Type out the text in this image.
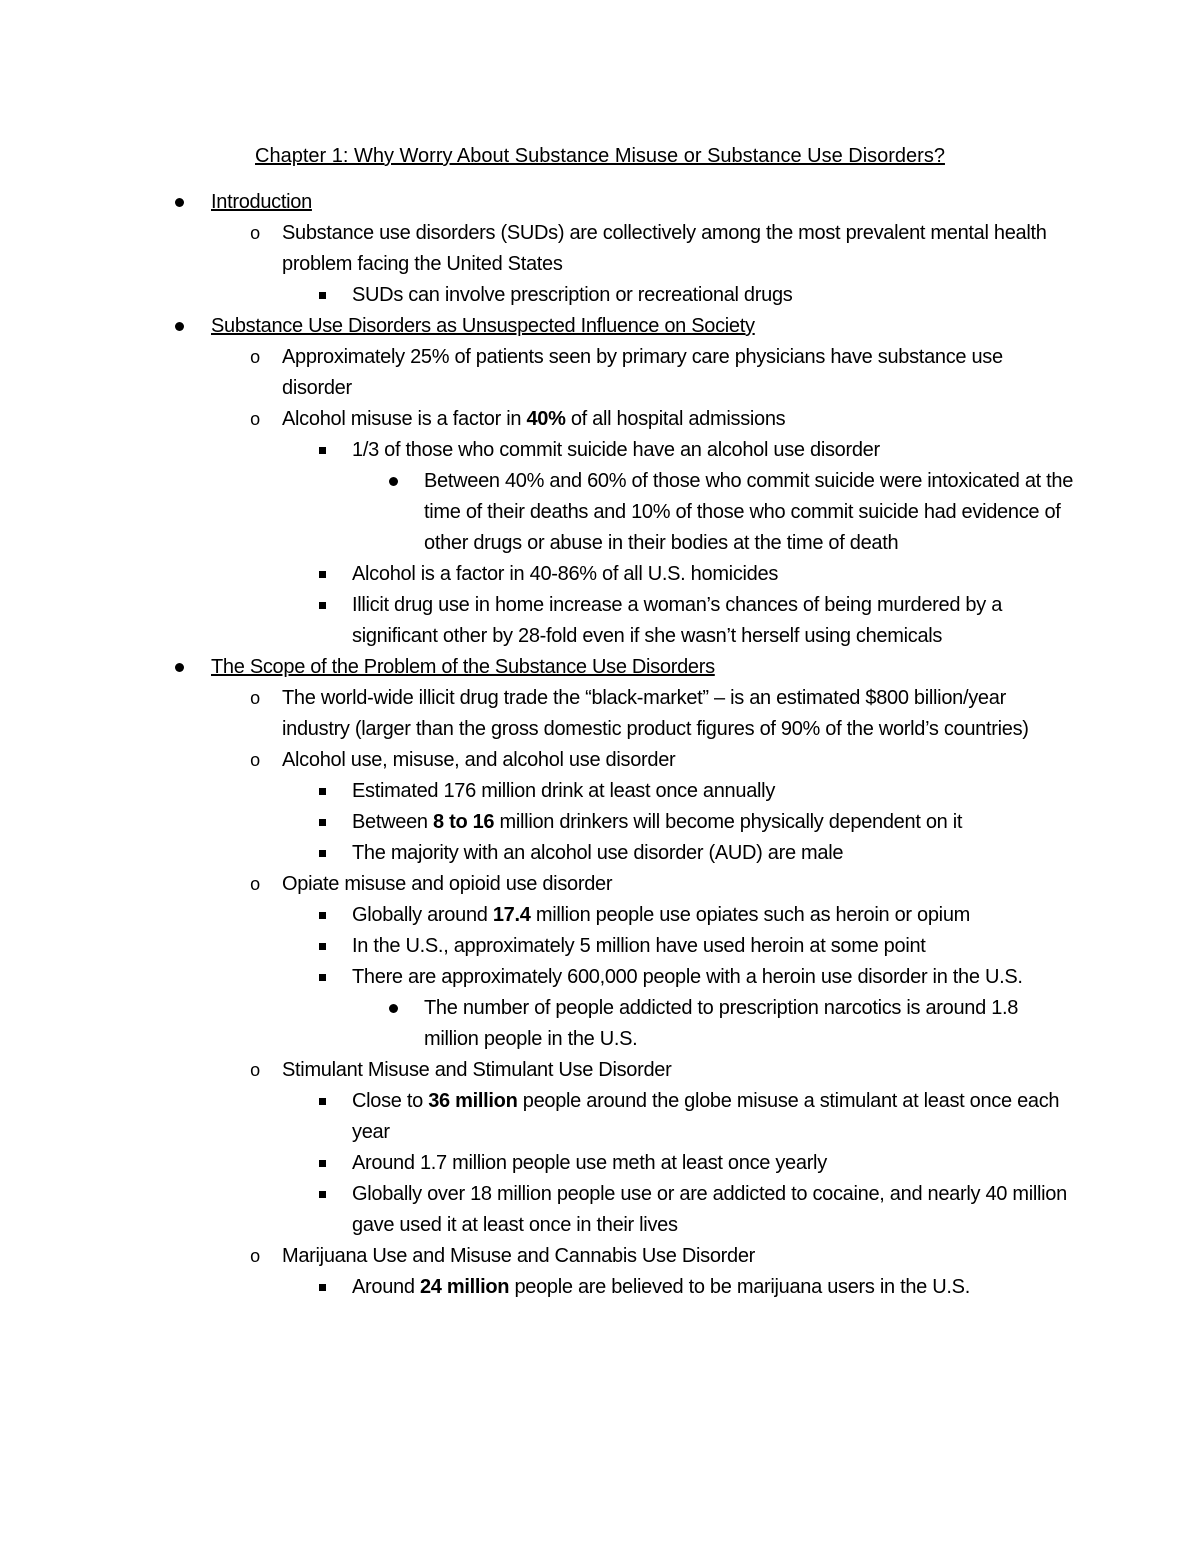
Chapter 1: Why Worry About Substance Misuse or Substance Use Disorders?
Introduction
o Substance use disorders (SUDs) are collectively among the most prevalent mental health problem facing the United States
SUDs can involve prescription or recreational drugs
Substance Use Disorders as Unsuspected Influence on Society
o Approximately 25% of patients seen by primary care physicians have substance use disorder
o Alcohol misuse is a factor in 40% of all hospital admissions
1/3 of those who commit suicide have an alcohol use disorder
Between 40% and 60% of those who commit suicide were intoxicated at the time of their deaths and 10% of those who commit suicide had evidence of other drugs or abuse in their bodies at the time of death
Alcohol is a factor in 40-86% of all U.S. homicides
Illicit drug use in home increase a woman’s chances of being murdered by a significant other by 28-fold even if she wasn’t herself using chemicals
The Scope of the Problem of the Substance Use Disorders
o The world-wide illicit drug trade the “black-market” – is an estimated $800 billion/year industry (larger than the gross domestic product figures of 90% of the world’s countries)
o Alcohol use, misuse, and alcohol use disorder
Estimated 176 million drink at least once annually
Between 8 to 16 million drinkers will become physically dependent on it
The majority with an alcohol use disorder (AUD) are male
o Opiate misuse and opioid use disorder
Globally around 17.4 million people use opiates such as heroin or opium
In the U.S., approximately 5 million have used heroin at some point
There are approximately 600,000 people with a heroin use disorder in the U.S.
The number of people addicted to prescription narcotics is around 1.8 million people in the U.S.
o Stimulant Misuse and Stimulant Use Disorder
Close to 36 million people around the globe misuse a stimulant at least once each year
Around 1.7 million people use meth at least once yearly
Globally over 18 million people use or are addicted to cocaine, and nearly 40 million gave used it at least once in their lives
o Marijuana Use and Misuse and Cannabis Use Disorder
Around 24 million people are believed to be marijuana users in the U.S.
